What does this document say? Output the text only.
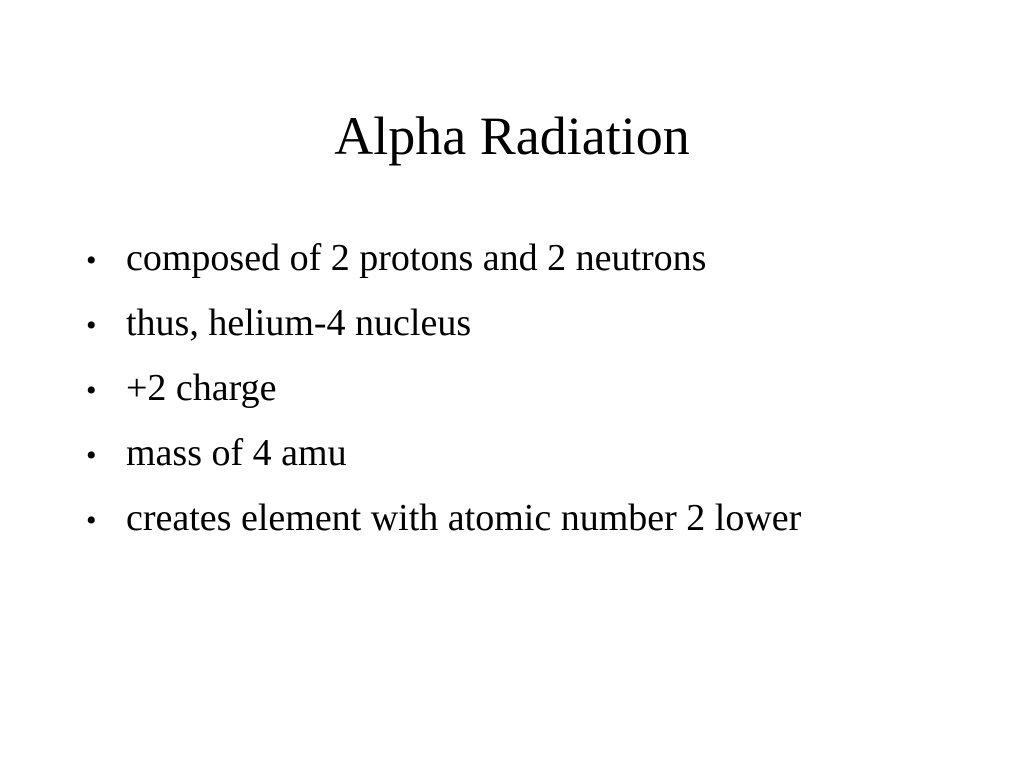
Alpha Radiation
• composed of 2 protons and 2 neutrons
• thus, helium-4 nucleus
• +2 charge
• mass of 4 amu
• creates element with atomic number 2 lower
